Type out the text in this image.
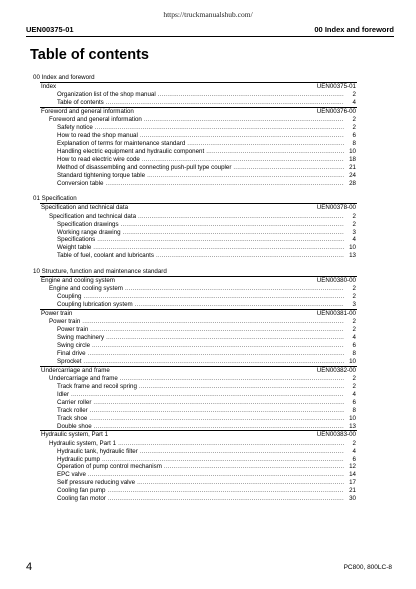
https://truckmanualshub.com/
UEN00375-01	00 Index and foreword
Table of contents
00 Index and foreword
Index	UEN00375-01
Organization list of the shop manual .....	2
Table of contents .....	4
Foreword and general information	UEN00376-00
Foreword and general information .....	2
Safety notice .....	2
How to read the shop manual .....	6
Explanation of terms for maintenance standard .....	8
Handling electric equipment and hydraulic component .....	10
How to read electric wire code .....	18
Method of disassembling and connecting push-pull type coupler .....	21
Standard tightening torque table .....	24
Conversion table .....	28
01 Specification
Specification and technical data	UEN00378-00
Specification and technical data .....	2
Specification drawings .....	2
Working range drawing .....	3
Specifications .....	4
Weight table .....	10
Table of fuel, coolant and lubricants .....	13
10 Structure, function and maintenance standard
Engine and cooling system	UEN00380-00
Engine and cooling system .....	2
Coupling .....	2
Coupling lubrication system .....	3
Power train	UEN00381-00
Power train .....	2
Power train .....	2
Swing machinery .....	4
Swing circle .....	6
Final drive .....	8
Sprocket .....	10
Undercarriage and frame	UEN00382-00
Undercarriage and frame .....	2
Track frame and recoil spring .....	2
Idler .....	4
Carrier roller .....	6
Track roller .....	8
Track shoe .....	10
Double shoe .....	13
Hydraulic system, Part 1	UEN00383-00
Hydraulic system, Part 1 .....	2
Hydraulic tank, hydraulic filter .....	4
Hydraulic pump .....	6
Operation of pump control mechanism .....	12
EPC valve .....	14
Self pressure reducing valve .....	17
Cooling fan pump .....	21
Cooling fan motor .....	30
4	PC800, 800LC-8
